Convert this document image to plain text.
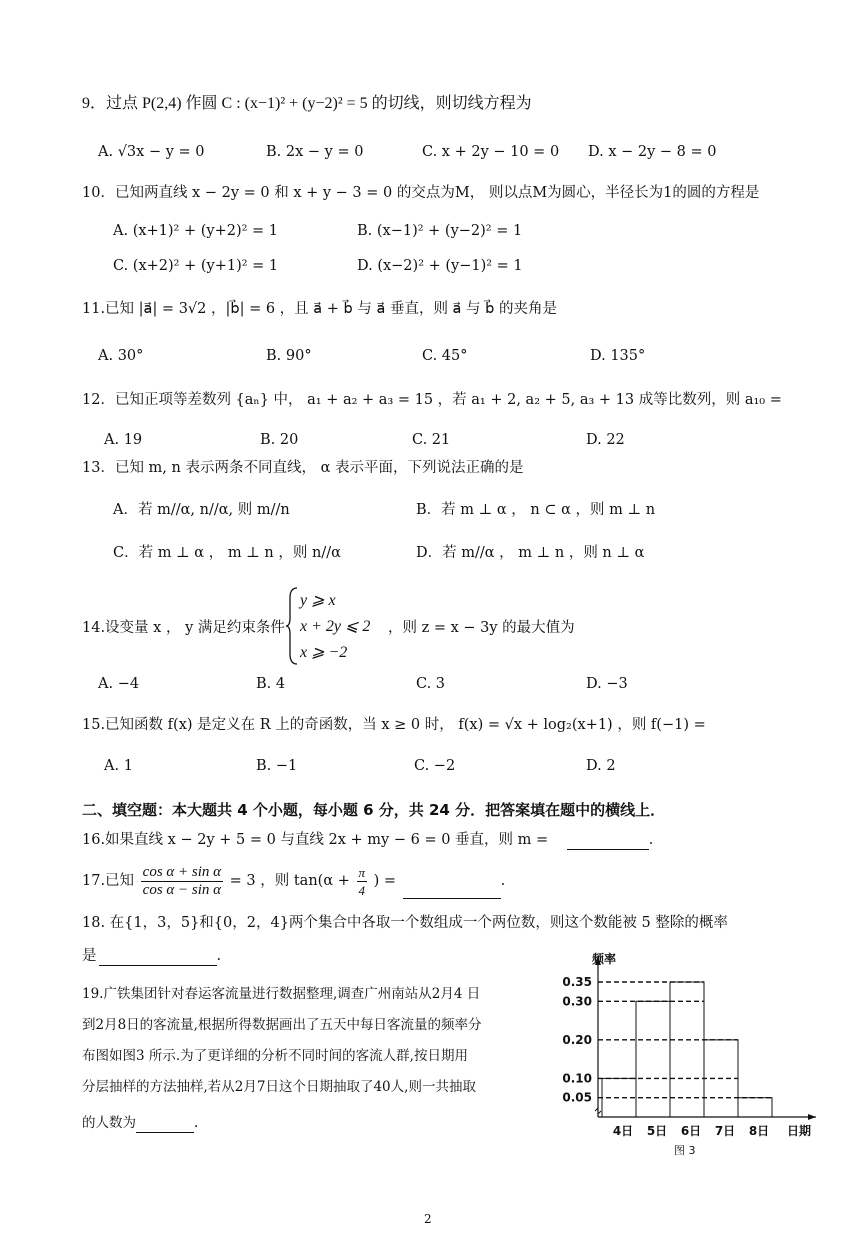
9．过点 P(2,4) 作圆 C : (x−1)² + (y−2)² = 5 的切线，则切线方程为
A. √3x − y = 0	B. 2x − y = 0	C. x + 2y − 10 = 0 D. x − 2y − 8 = 0
10．已知两直线 x − 2y = 0 和 x + y − 3 = 0 的交点为M， 则以点M为圆心，半径长为1的圆的方程是
A. (x+1)² + (y+2)² = 1	B. (x−1)² + (y−2)² = 1
C. (x+2)² + (y+1)² = 1	D. (x−2)² + (y−1)² = 1
11.已知 |a⃗| = 3√2 ，|b⃗| = 6 ，且 a⃗ + b⃗ 与 a⃗ 垂直，则 a⃗ 与 b⃗ 的夹角是
A. 30°	B. 90°	C. 45°	D. 135°
12．已知正项等差数列 {aₙ} 中， a₁ + a₂ + a₃ = 15 ，若 a₁ + 2, a₂ + 5, a₃ + 13 成等比数列，则 a₁₀ =
A. 19	B. 20	C. 21	D. 22
13．已知 m, n 表示两条不同直线， α 表示平面，下列说法正确的是
A．若 m//α, n//α, 则 m//n	B．若 m ⊥ α ， n ⊂ α ，则 m ⊥ n
C．若 m ⊥ α ， m ⊥ n ，则 n//α	D．若 m//α ， m ⊥ n ，则 n ⊥ α
14.设变量 x ， y 满足约束条件
y ⩾ x
x + 2y ⩽ 2
x ⩾ −2
，则 z = x − 3y 的最大值为
A. −4	B. 4	C. 3	D. −3
15.已知函数 f(x) 是定义在 R 上的奇函数，当 x ≥ 0 时， f(x) = √x + log₂(x+1) ，则 f(−1) =
A. 1	B. −1	C. −2	D. 2
二、填空题：本大题共 4 个小题，每小题 6 分，共 24 分．把答案填在题中的横线上．
16.如果直线 x − 2y + 5 = 0 与直线 2x + my − 6 = 0 垂直，则 m =	.
17.已知 $\frac{\text{cos α + sin α}}{\text{cos α − sin α}} = 3$ ，则 $\tan(\alpha + \frac{\pi}{4}$ ) =	.
18. 在{1，3，5}和{0，2，4}两个集合中各取一个数组成一个两位数，则这个数能被 5 整除的概率
是	.
19.广铁集团针对春运客流量进行数据整理,调查广州南站从2月4 日
到2月8日的客流量,根据所得数据画出了五天中每日客流量的频率分
布图如图3 所示.为了更详细的分析不同时间的客流人群,按日期用
分层抽样的方法抽样,若从2月7日这个日期抽取了40人,则一共抽取
的人数为	.
0.35
0.30
0.20
0.10
0.05
4日 5日 6日 7日 8日
频率
日期
图 3
2
